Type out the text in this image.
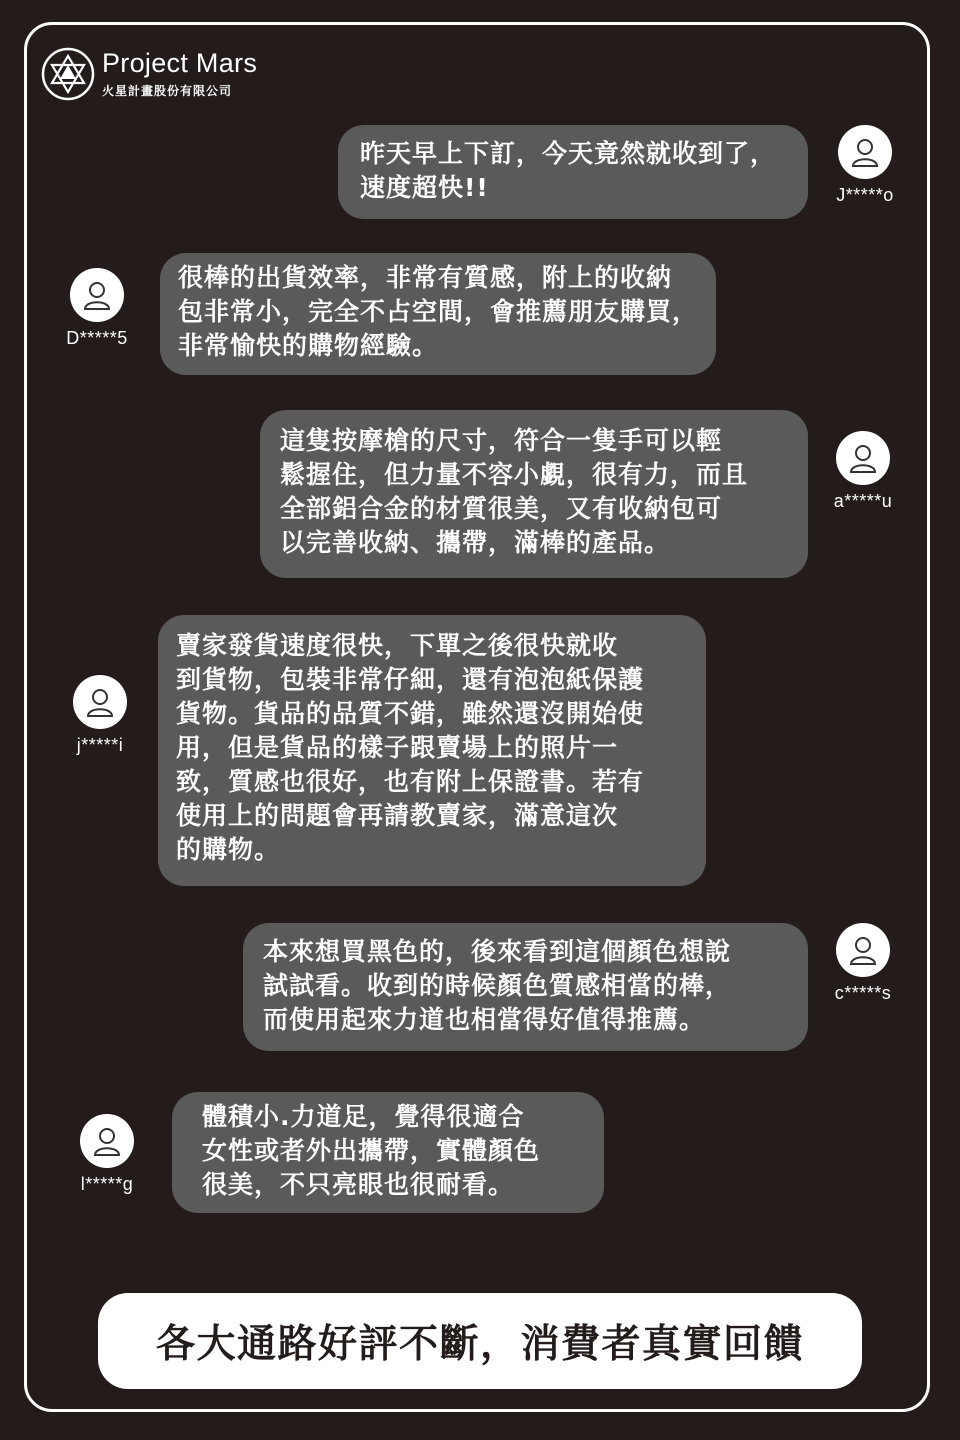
Project Mars
火星計畫股份有限公司
昨天早上下訂，今天竟然就收到了，
速度超快!!	J*****o
D*****5
很棒的出貨效率，非常有質感，附上的收納
包非常小，完全不占空間，會推薦朋友購買，
非常愉快的購物經驗。
這隻按摩槍的尺寸，符合一隻手可以輕
鬆握住，但力量不容小覷，很有力，而且
全部鋁合金的材質很美，又有收納包可
以完善收納、攜帶，滿棒的產品。
a*****u
j*****i
賣家發貨速度很快，下單之後很快就收
到貨物，包裝非常仔細，還有泡泡紙保護
貨物。貨品的品質不錯，雖然還沒開始使
用，但是貨品的樣子跟賣場上的照片一
致，質感也很好，也有附上保證書。若有
使用上的問題會再請教賣家，滿意這次
的購物。
本來想買黑色的，後來看到這個顏色想說
試試看。收到的時候顏色質感相當的棒，
而使用起來力道也相當得好值得推薦。
c*****s
l*****g
體積小.力道足，覺得很適合
女性或者外出攜帶，實體顏色
很美，不只亮眼也很耐看。
各大通路好評不斷，消費者真實回饋
